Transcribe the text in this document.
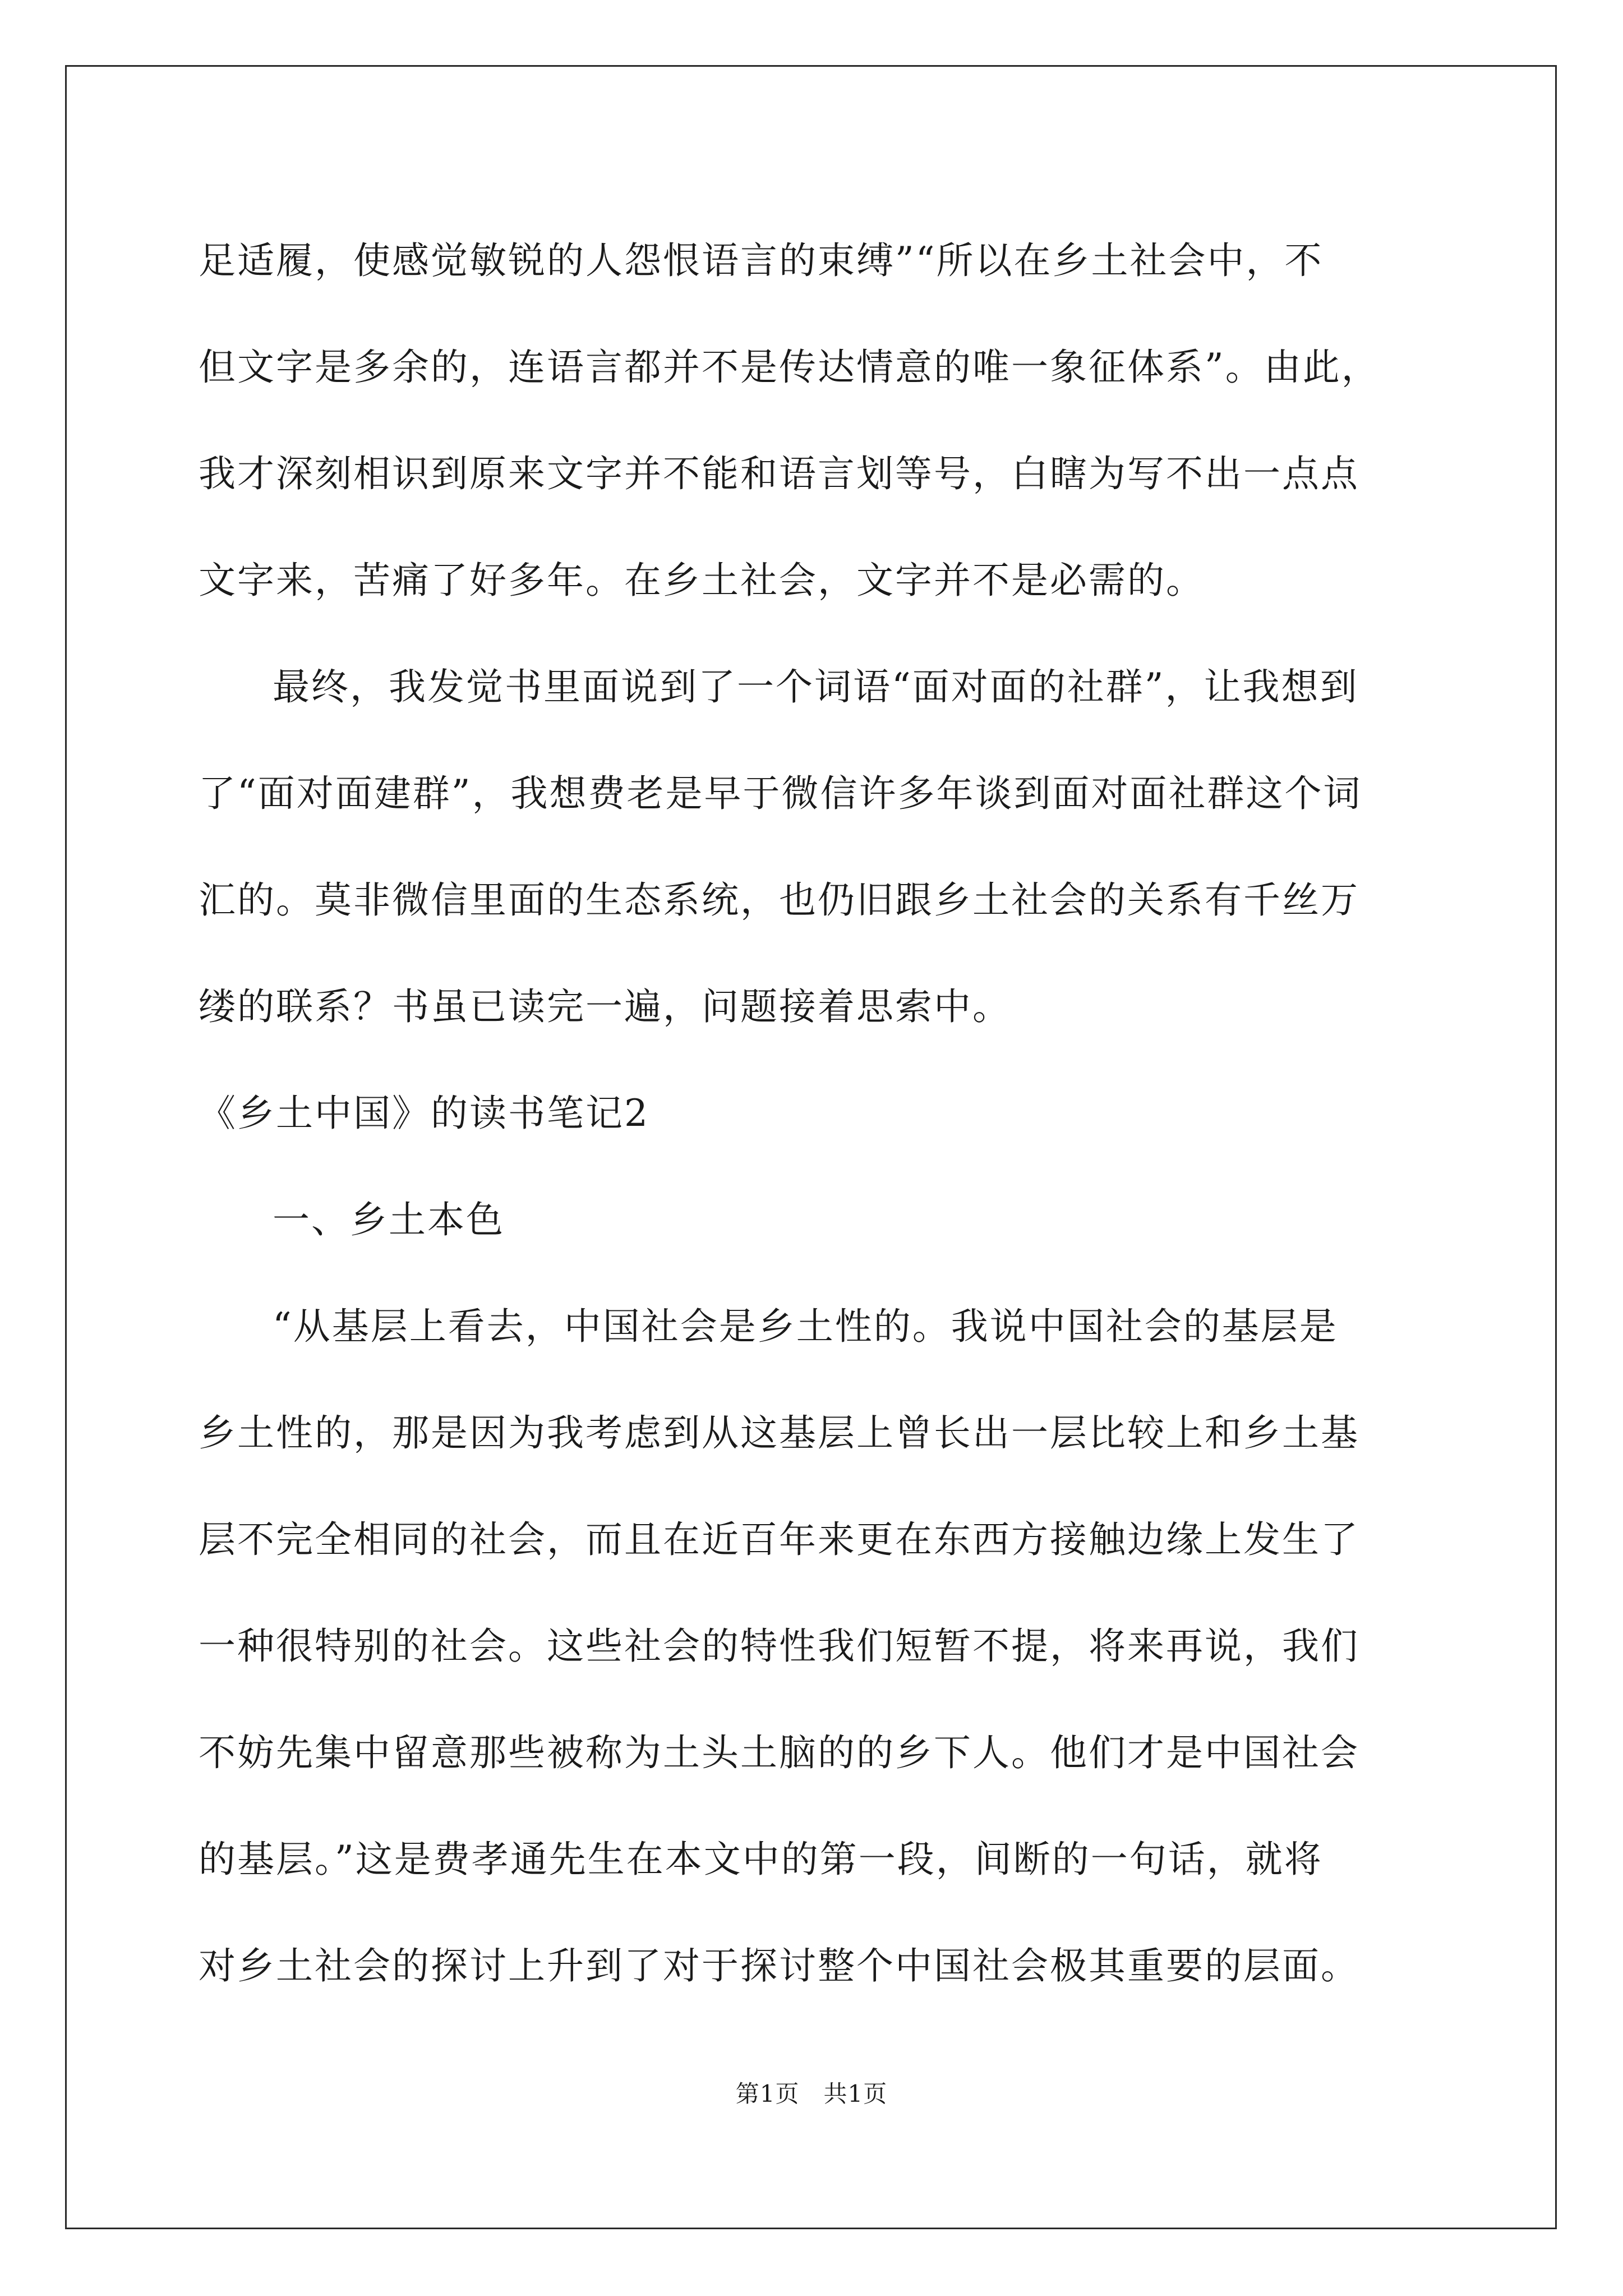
足适履，使感觉敏锐的人怨恨语言的束缚”“所以在乡土社会中，不
但文字是多余的，连语言都并不是传达情意的唯一象征体系”。由此，
我才深刻相识到原来文字并不能和语言划等号，白瞎为写不出一点点
文字来，苦痛了好多年。在乡土社会，文字并不是必需的。
最终，我发觉书里面说到了一个词语“面对面的社群”，让我想到
了“面对面建群”，我想费老是早于微信许多年谈到面对面社群这个词
汇的。莫非微信里面的生态系统，也仍旧跟乡土社会的关系有千丝万
缕的联系？书虽已读完一遍，问题接着思索中。
《乡土中国》的读书笔记2
一、乡土本色
“从基层上看去，中国社会是乡土性的。我说中国社会的基层是
乡土性的，那是因为我考虑到从这基层上曾长出一层比较上和乡土基
层不完全相同的社会，而且在近百年来更在东西方接触边缘上发生了
一种很特别的社会。这些社会的特性我们短暂不提，将来再说，我们
不妨先集中留意那些被称为土头土脑的的乡下人。他们才是中国社会
的基层。”这是费孝通先生在本文中的第一段，间断的一句话，就将
对乡土社会的探讨上升到了对于探讨整个中国社会极其重要的层面。
第1页　共1页
